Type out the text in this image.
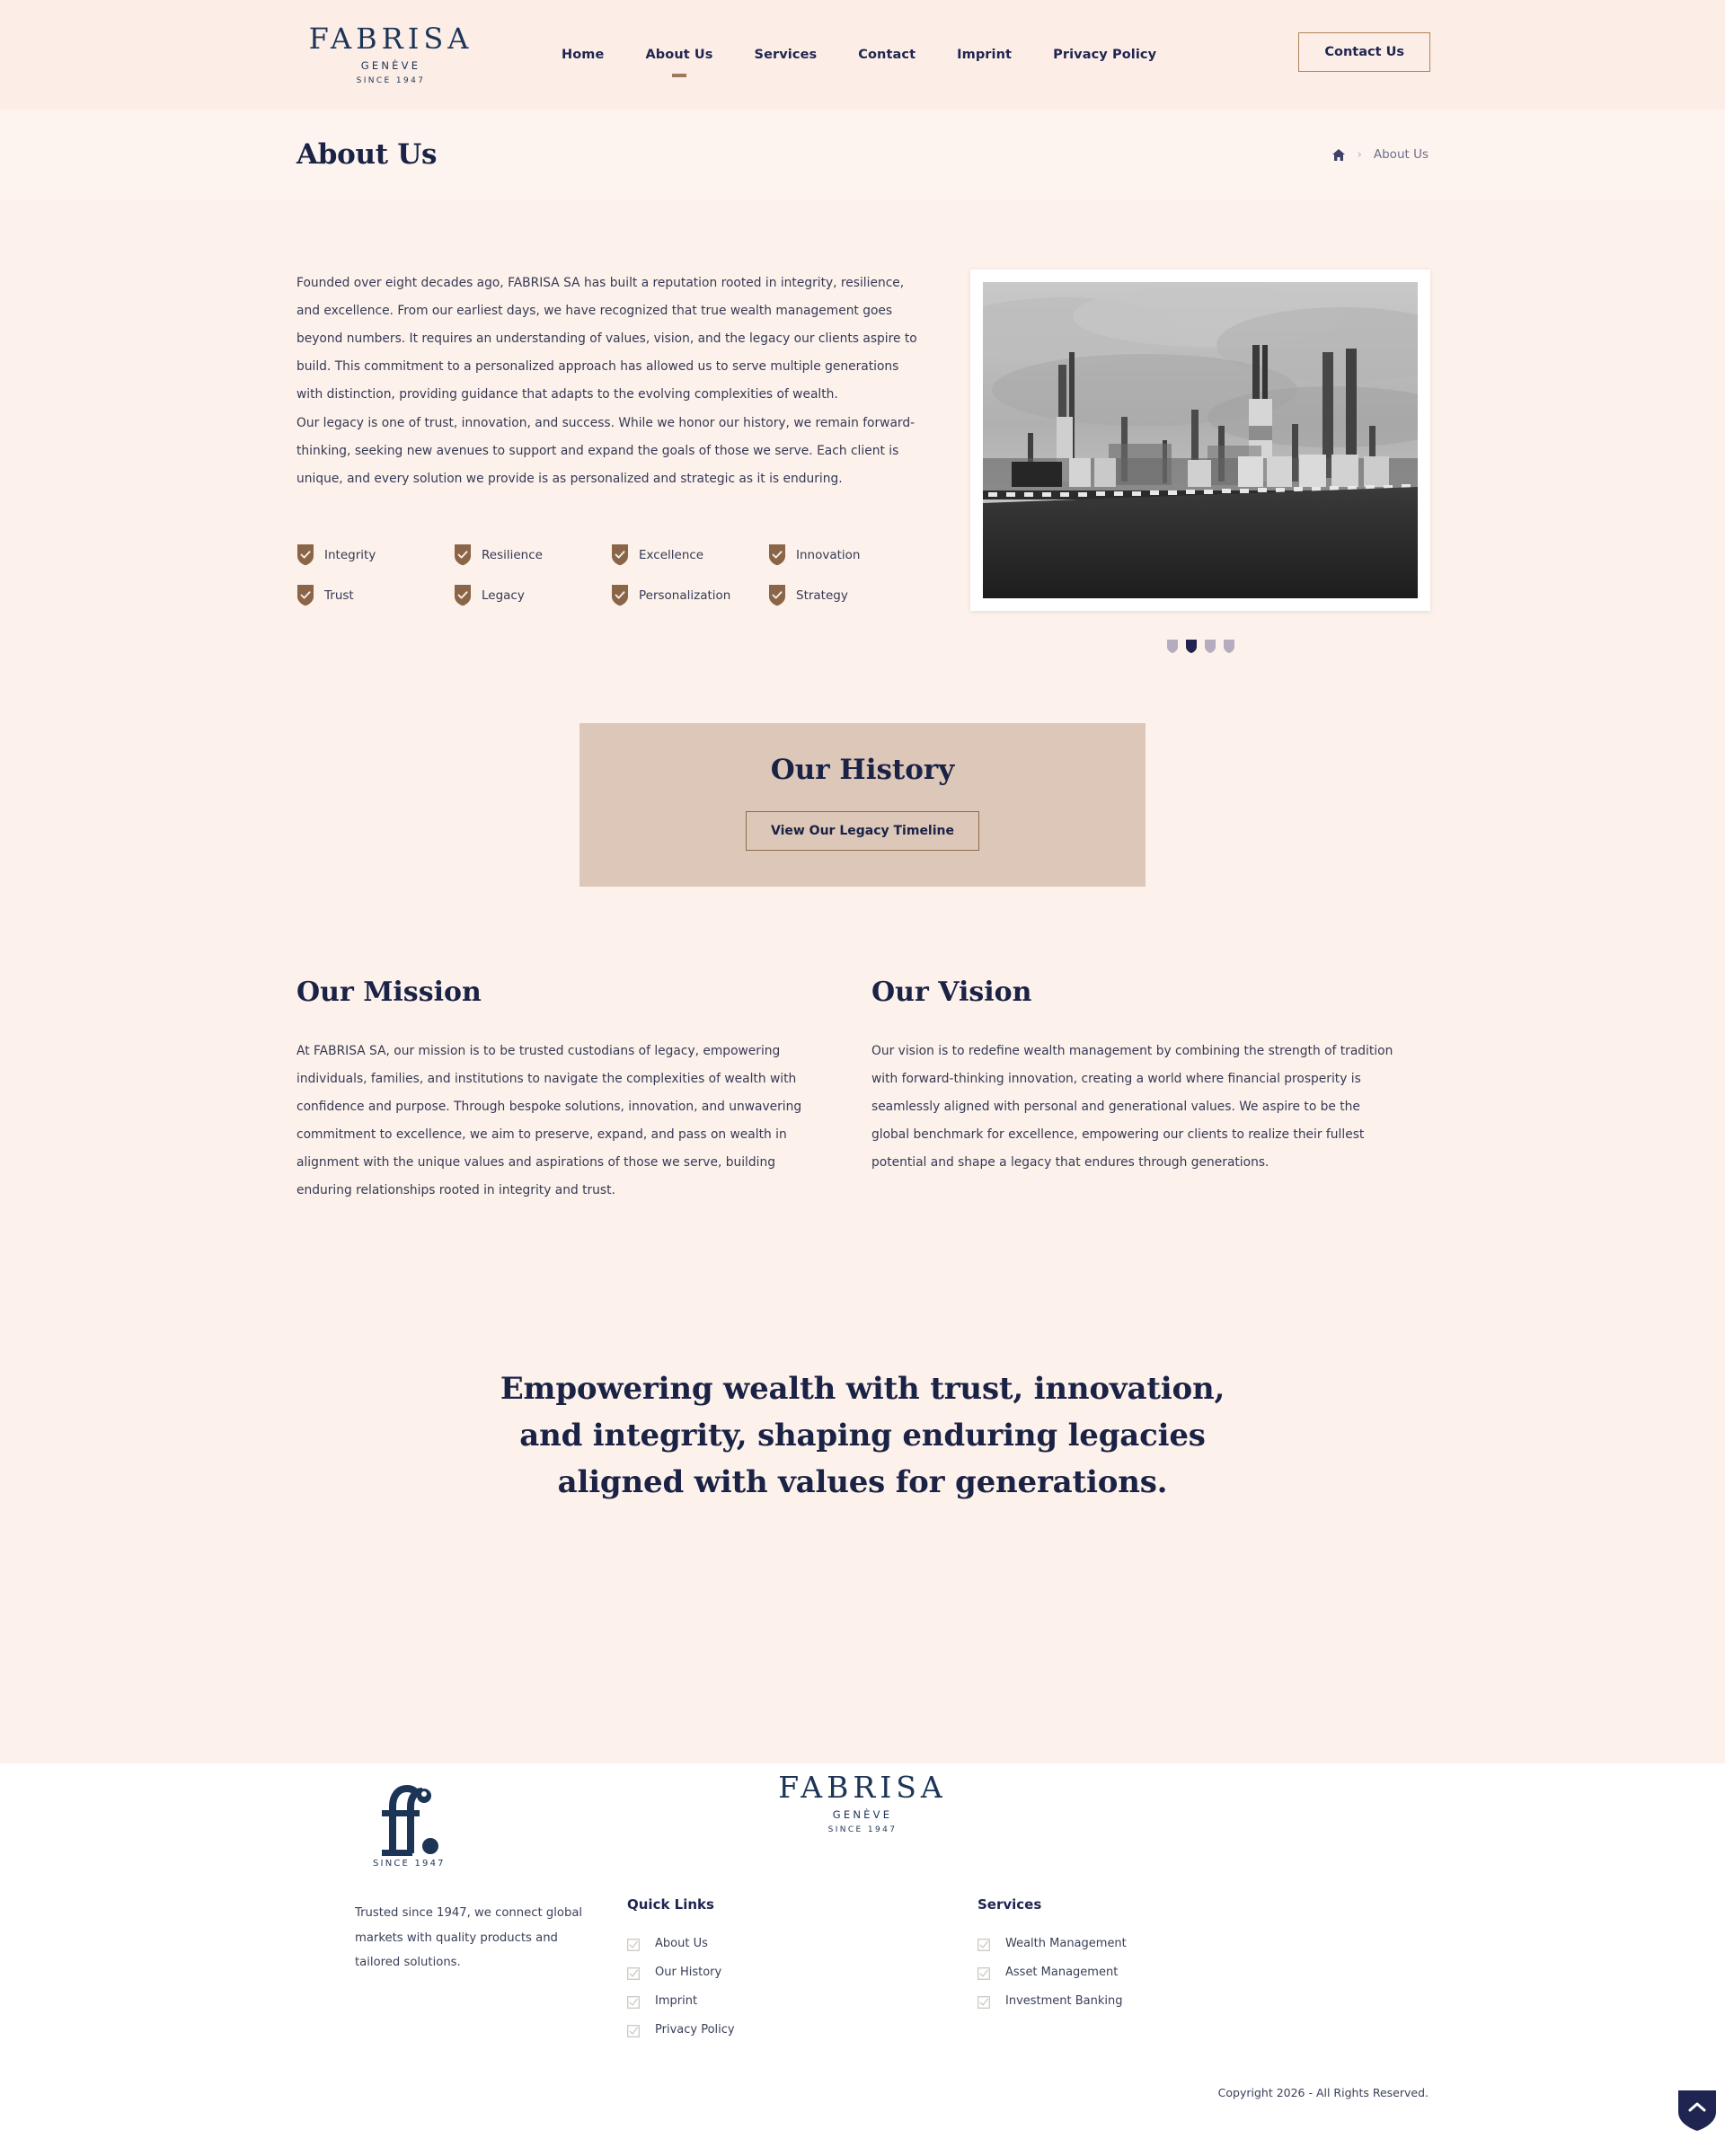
FABRISA
GENÈVE
SINCE 1947
Home	About Us	Services	Contact	Imprint	Privacy Policy	Contact Us
About Us	› About Us

Founded over eight decades ago, FABRISA SA has built a reputation rooted in integrity, resilience, and excellence. From our earliest days, we have recognized that true wealth management goes beyond numbers. It requires an understanding of values, vision, and the legacy our clients aspire to build. This commitment to a personalized approach has allowed us to serve multiple generations with distinction, providing guidance that adapts to the evolving complexities of wealth.

Our legacy is one of trust, innovation, and success. While we honor our history, we remain forward-thinking, seeking new avenues to support and expand the goals of those we serve. Each client is unique, and every solution we provide is as personalized and strategic as it is enduring.

Integrity	Resilience	Excellence	Innovation
Trust	Legacy	Personalization	Strategy
Our History
View Our Legacy Timeline
Our Mission
At FABRISA SA, our mission is to be trusted custodians of legacy, empowering individuals, families, and institutions to navigate the complexities of wealth with confidence and purpose. Through bespoke solutions, innovation, and unwavering commitment to excellence, we aim to preserve, expand, and pass on wealth in alignment with the unique values and aspirations of those we serve, building enduring relationships rooted in integrity and trust.
Our Vision
Our vision is to redefine wealth management by combining the strength of tradition with forward-thinking innovation, creating a world where financial prosperity is seamlessly aligned with personal and generational values. We aspire to be the global benchmark for excellence, empowering our clients to realize their fullest potential and shape a legacy that endures through generations.
Empowering wealth with trust, innovation,
and integrity, shaping enduring legacies
aligned with values for generations.
FABRISA
GENÈVE
SINCE 1947
SINCE 1947
Trusted since 1947, we connect global markets with quality products and tailored solutions.
Quick Links
About Us
Our History
Imprint
Privacy Policy
Services
Wealth Management
Asset Management
Investment Banking
Copyright 2026 - All Rights Reserved.
